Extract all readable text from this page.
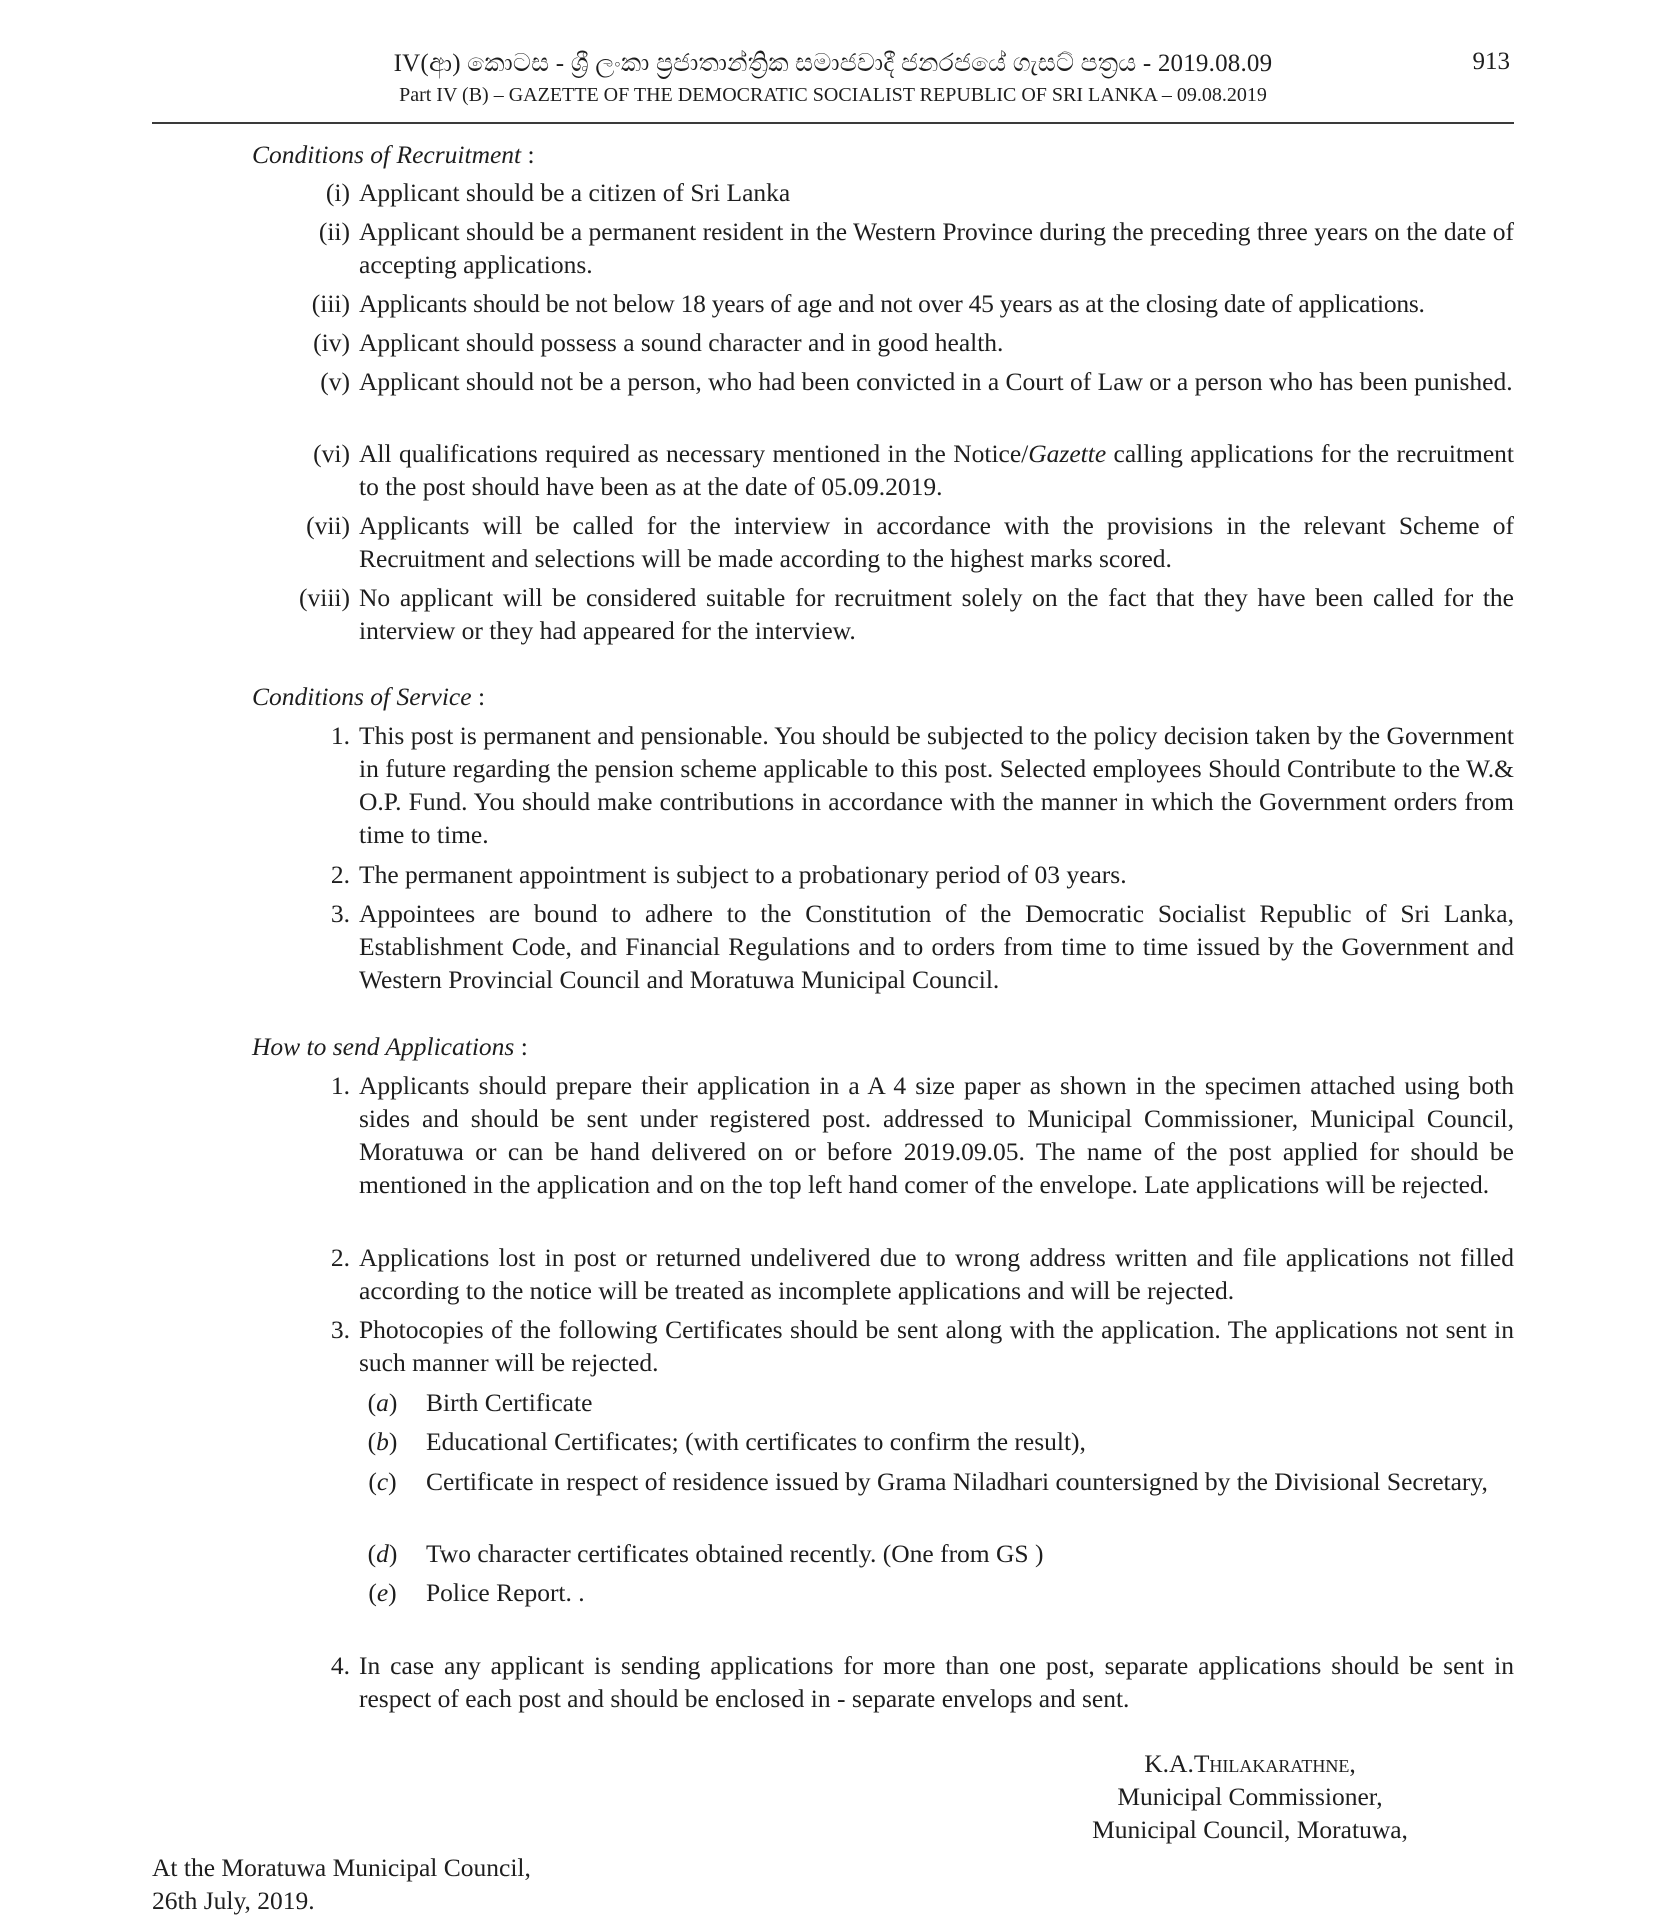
IV(ආ) කොටස - ශ්‍රී ලංකා ප්‍රජාතාන්ත්‍රික සමාජවාදී ජනරජයේ ගැසට් පත්‍රය - 2019.08.09
Part IV (B) – GAZETTE OF THE DEMOCRATIC SOCIALIST REPUBLIC OF SRI LANKA – 09.08.2019
913
Conditions of Recruitment :
(i) Applicant should be a citizen of Sri Lanka
(ii) Applicant should be a permanent resident in the Western Province during the preceding three years on the date of accepting applications.
(iii) Applicants should be not below 18 years of age and not over 45 years as at the closing date of applications.
(iv) Applicant should possess a sound character and in good health.
(v) Applicant should not be a person, who had been convicted in a Court of Law or a person who has been punished.
(vi) All qualifications required as necessary mentioned in the Notice/Gazette calling applications for the recruitment to the post should have been as at the date of 05.09.2019.
(vii) Applicants will be called for the interview in accordance with the provisions in the relevant Scheme of Recruitment and selections will be made according to the highest marks scored.
(viii) No applicant will be considered suitable for recruitment solely on the fact that they have been called for the interview or they had appeared for the interview.
Conditions of Service :
1. This post is permanent and pensionable. You should be subjected to the policy decision taken by the Government in future regarding the pension scheme applicable to this post. Selected employees Should Contribute to the W.& O.P. Fund. You should make contributions in accordance with the manner in which the Government orders from time to time.
2. The permanent appointment is subject to a probationary period of 03 years.
3. Appointees are bound to adhere to the Constitution of the Democratic Socialist Republic of Sri Lanka, Establishment Code, and Financial Regulations and to orders from time to time issued by the Government and Western Provincial Council and Moratuwa Municipal Council.
How to send Applications :
1. Applicants should prepare their application in a A 4 size paper as shown in the specimen attached using both sides and should be sent under registered post. addressed to Municipal Commissioner, Municipal Council, Moratuwa or can be hand delivered on or before 2019.09.05. The name of the post applied for should be mentioned in the application and on the top left hand comer of the envelope. Late applications will be rejected.
2. Applications lost in post or returned undelivered due to wrong address written and file applications not filled according to the notice will be treated as incomplete applications and will be rejected.
3. Photocopies of the following Certificates should be sent along with the application. The applications not sent in such manner will be rejected.
(a) Birth Certificate
(b) Educational Certificates; (with certificates to confirm the result),
(c)	Certificate in respect of residence issued by Grama Niladhari countersigned by the Divisional Secretary,
(d) Two character certificates obtained recently. (One from GS )
(e)	Police Report. .
4. In case any applicant is sending applications for more than one post, separate applications should be sent in respect of each post and should be enclosed in - separate envelops and sent.
K.A.Thilakarathne,
Municipal Commissioner,
Municipal Council, Moratuwa,
At the Moratuwa Municipal Council,
26th July, 2019.
